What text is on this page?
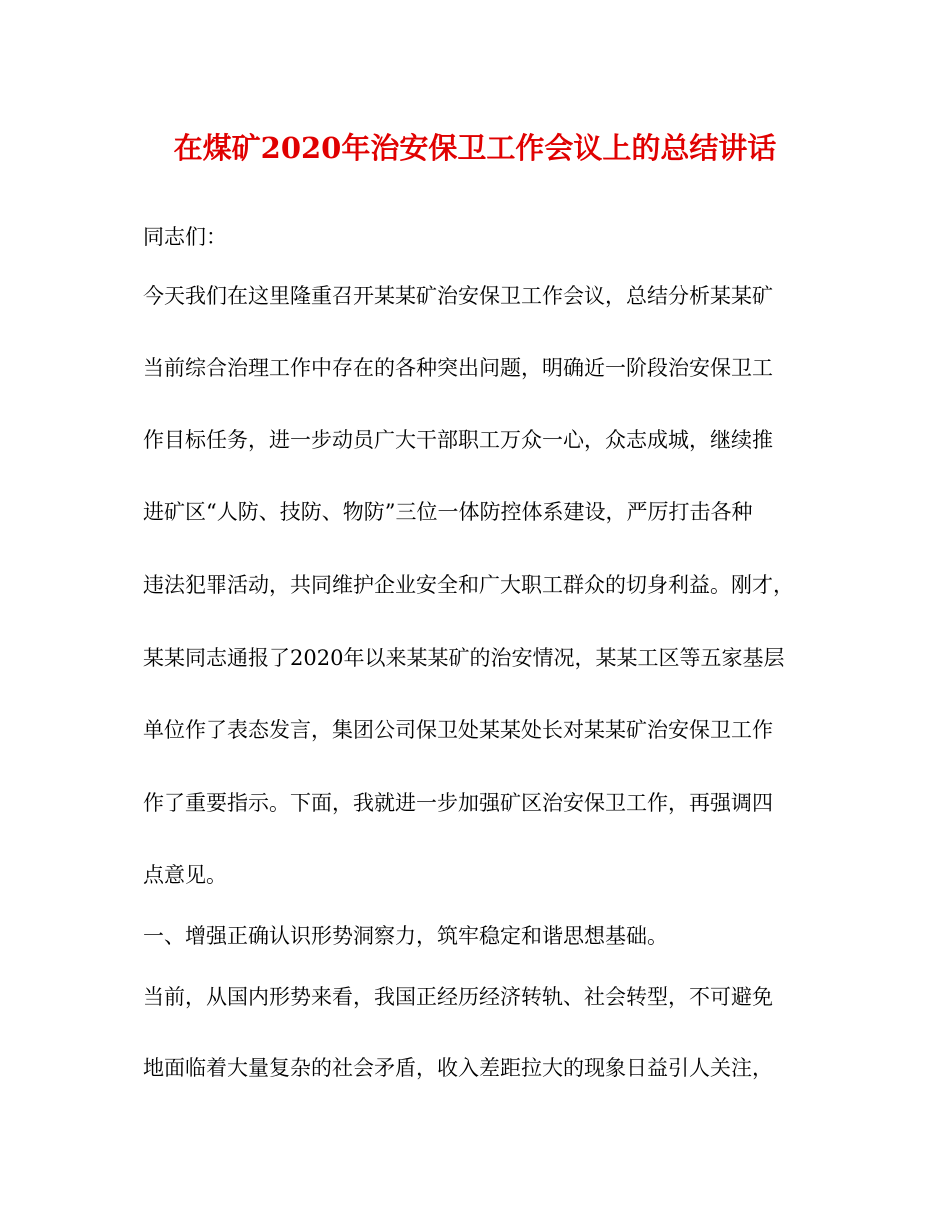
在煤矿2020年治安保卫工作会议上的总结讲话
同志们：
今天我们在这里隆重召开某某矿治安保卫工作会议，总结分析某某矿
当前综合治理工作中存在的各种突出问题，明确近一阶段治安保卫工
作目标任务，进一步动员广大干部职工万众一心，众志成城，继续推
进矿区“人防、技防、物防”三位一体防控体系建设，严厉打击各种
违法犯罪活动，共同维护企业安全和广大职工群众的切身利益。刚才，
某某同志通报了2020年以来某某矿的治安情况，某某工区等五家基层
单位作了表态发言，集团公司保卫处某某处长对某某矿治安保卫工作
作了重要指示。下面，我就进一步加强矿区治安保卫工作，再强调四
点意见。
一、增强正确认识形势洞察力，筑牢稳定和谐思想基础。
当前，从国内形势来看，我国正经历经济转轨、社会转型，不可避免
地面临着大量复杂的社会矛盾，收入差距拉大的现象日益引人关注，
